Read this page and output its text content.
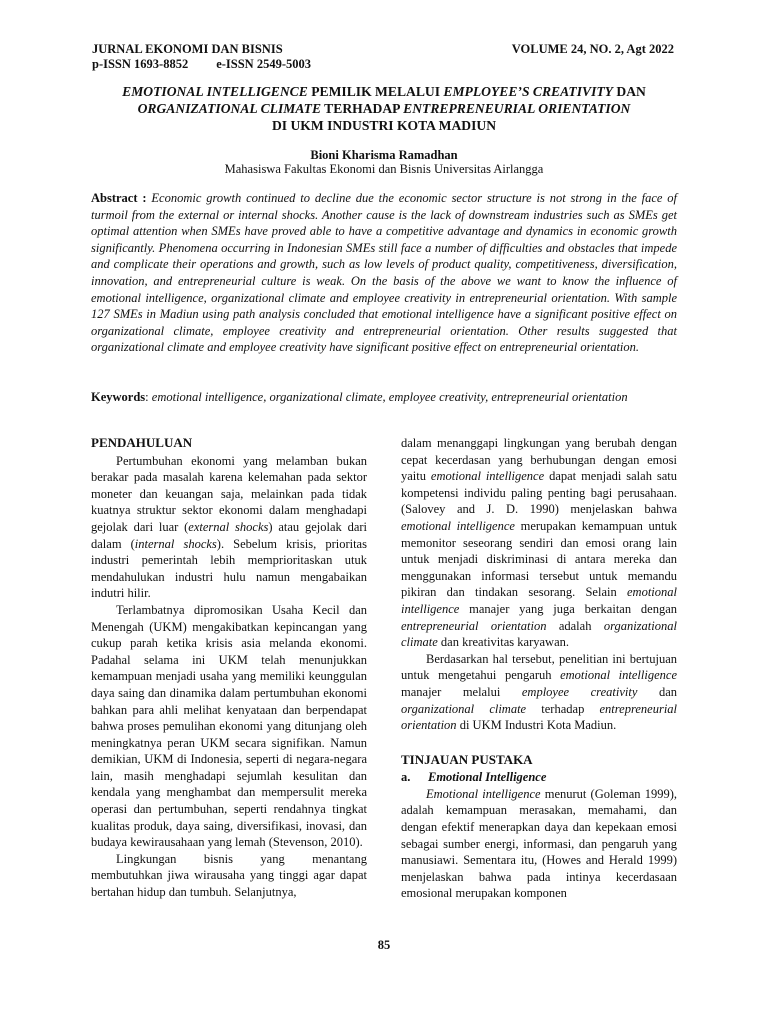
JURNAL EKONOMI DAN BISNIS	VOLUME 24, NO. 2, Agt 2022
p-ISSN 1693-8852 e-ISSN 2549-5003
EMOTIONAL INTELLIGENCE PEMILIK MELALUI EMPLOYEE’S CREATIVITY DAN
ORGANIZATIONAL CLIMATE TERHADAP ENTREPRENEURIAL ORIENTATION
DI UKM INDUSTRI KOTA MADIUN
Bioni Kharisma Ramadhan
Mahasiswa Fakultas Ekonomi dan Bisnis Universitas Airlangga
Abstract : Economic growth continued to decline due the economic sector structure is not strong in the face of turmoil from the external or internal shocks. Another cause is the lack of downstream industries such as SMEs get optimal attention when SMEs have proved able to have a competitive advantage and dynamics in economic growth significantly. Phenomena occurring in Indonesian SMEs still face a number of difficulties and obstacles that impede and complicate their operations and growth, such as low levels of product quality, competitiveness, diversification, innovation, and entrepreneurial culture is weak. On the basis of the above we want to know the influence of emotional intelligence, organizational climate and employee creativity in entrepreneurial orientation. With sample 127 SMEs in Madiun using path analysis concluded that emotional intelligence have a significant positive effect on organizational climate, employee creativity and entrepreneurial orientation. Other results suggested that organizational climate and employee creativity have significant positive effect on entrepreneurial orientation.
Keywords: emotional intelligence, organizational climate, employee creativity, entrepreneurial orientation
PENDAHULUAN

Pertumbuhan ekonomi yang melamban bukan berakar pada masalah karena kelemahan pada sektor moneter dan keuangan saja, melainkan pada tidak kuatnya struktur sektor ekonomi dalam menghadapi gejolak dari luar (external shocks) atau gejolak dari dalam (internal shocks). Sebelum krisis, prioritas industri pemerintah lebih memprioritaskan utuk mendahulukan industri hulu namun mengabaikan indutri hilir.

Terlambatnya dipromosikan Usaha Kecil dan Menengah (UKM) mengakibatkan kepincangan yang cukup parah ketika krisis asia melanda ekonomi. Padahal selama ini UKM telah menunjukkan kemampuan menjadi usaha yang memiliki keunggulan daya saing dan dinamika dalam pertumbuhan ekonomi bahkan para ahli melihat kenyataan dan berpendapat bahwa proses pemulihan ekonomi yang ditunjang oleh meningkatnya peran UKM secara signifikan. Namun demikian, UKM di Indonesia, seperti di negara-negara lain, masih menghadapi sejumlah kesulitan dan kendala yang menghambat dan mempersulit mereka operasi dan pertumbuhan, seperti rendahnya tingkat kualitas produk, daya saing, diversifikasi, inovasi, dan budaya kewirausahaan yang lemah (Stevenson, 2010).

Lingkungan bisnis yang menantang membutuhkan jiwa wirausaha yang tinggi agar dapat bertahan hidup dan tumbuh. Selanjutnya,

dalam menanggapi lingkungan yang berubah dengan cepat kecerdasan yang berhubungan dengan emosi yaitu emotional intelligence dapat menjadi salah satu kompetensi individu paling penting bagi perusahaan.(Salovey and J. D. 1990) menjelaskan bahwa emotional intelligence merupakan kemampuan untuk memonitor seseorang sendiri dan emosi orang lain untuk menjadi diskriminasi di antara mereka dan menggunakan informasi tersebut untuk memandu pikiran dan tindakan sesorang. Selain emotional intelligence manajer yang juga berkaitan dengan entrepreneurial orientation adalah organizational climate dan kreativitas karyawan.

Berdasarkan hal tersebut, penelitian ini bertujuan untuk mengetahui pengaruh emotional intelligence manajer melalui employee creativity dan organizational climate terhadap entrepreneurial orientation di UKM Industri Kota Madiun.

TINJAUAN PUSTAKA
a. Emotional Intelligence

Emotional intelligence menurut (Goleman 1999), adalah kemampuan merasakan, memahami, dan dengan efektif menerapkan daya dan kepekaan emosi sebagai sumber energi, informasi, dan pengaruh yang manusiawi. Sementara itu, (Howes and Herald 1999) menjelaskan bahwa pada intinya kecerdasaan emosional merupakan komponen

85
